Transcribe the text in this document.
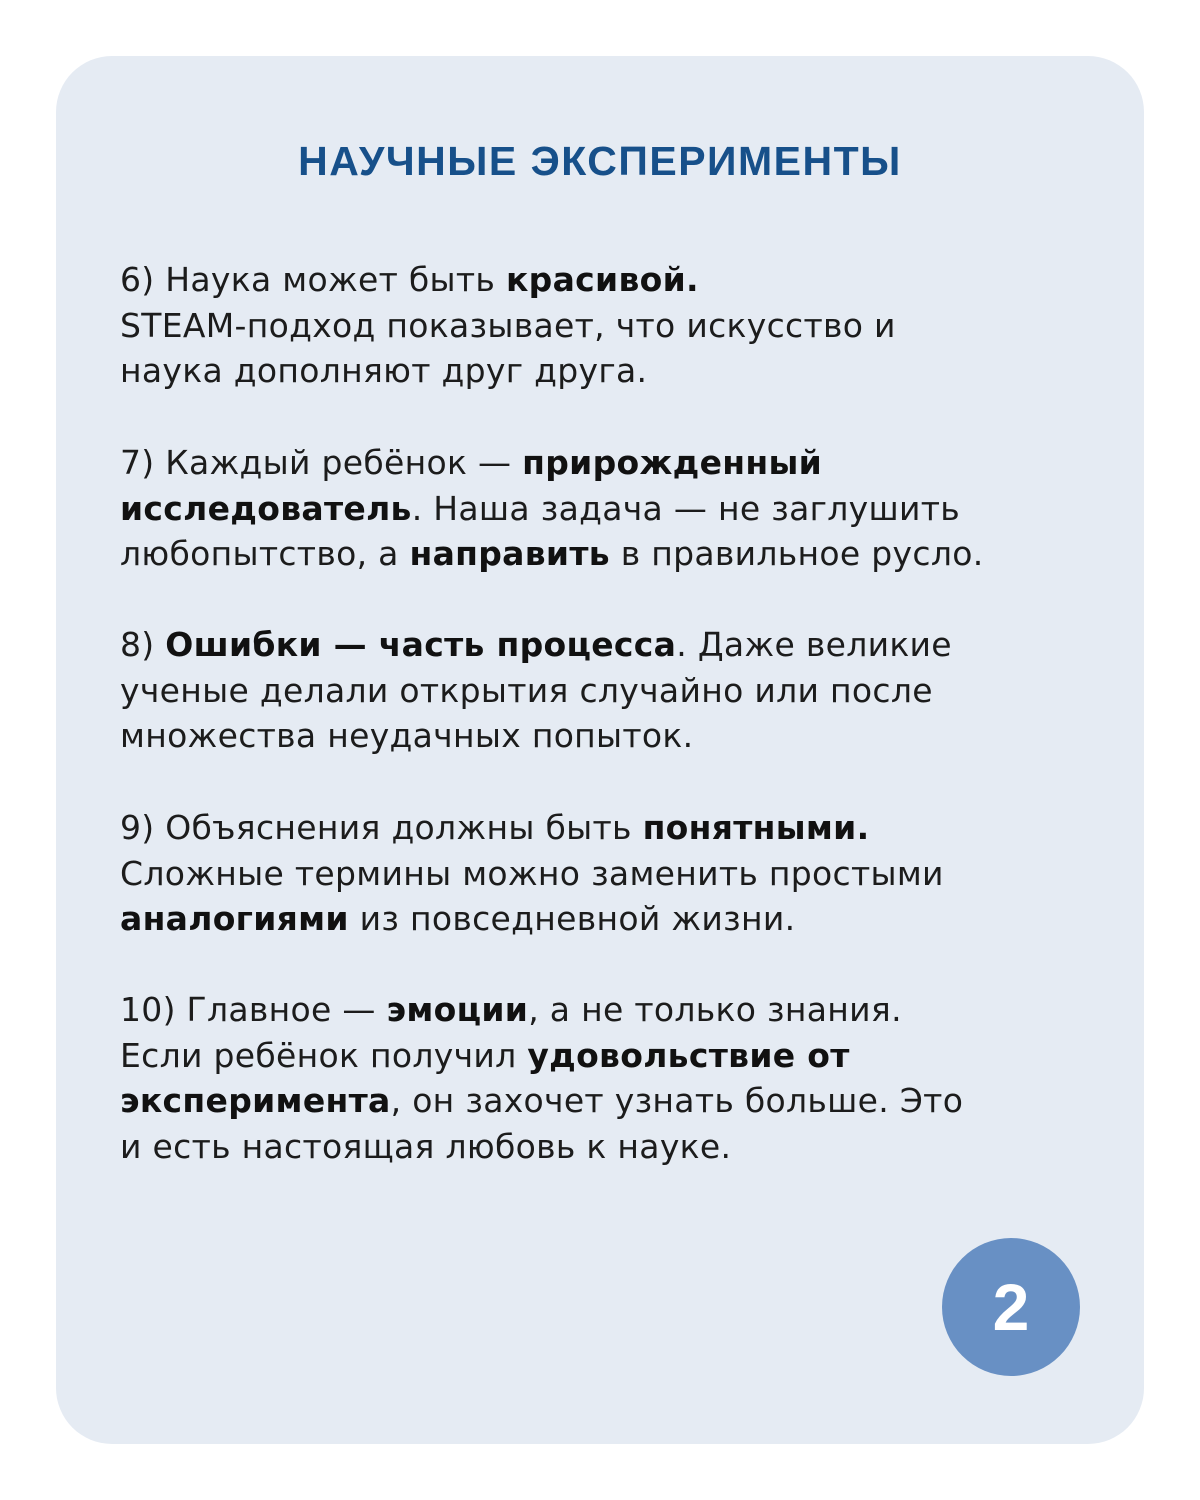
НАУЧНЫЕ ЭКСПЕРИМЕНТЫ
6) Наука может быть красивой.
STEAM-подход показывает, что искусство и
наука дополняют друг друга.
7) Каждый ребёнок — прирожденный
исследователь. Наша задача — не заглушить
любопытство, а направить в правильное русло.
8) Ошибки — часть процесса. Даже великие
ученые делали открытия случайно или после
множества неудачных попыток.
9) Объяснения должны быть понятными.
Сложные термины можно заменить простыми
аналогиями из повседневной жизни.
10) Главное — эмоции, а не только знания.
Если ребёнок получил удовольствие от
эксперимента, он захочет узнать больше. Это
и есть настоящая любовь к науке.
2
